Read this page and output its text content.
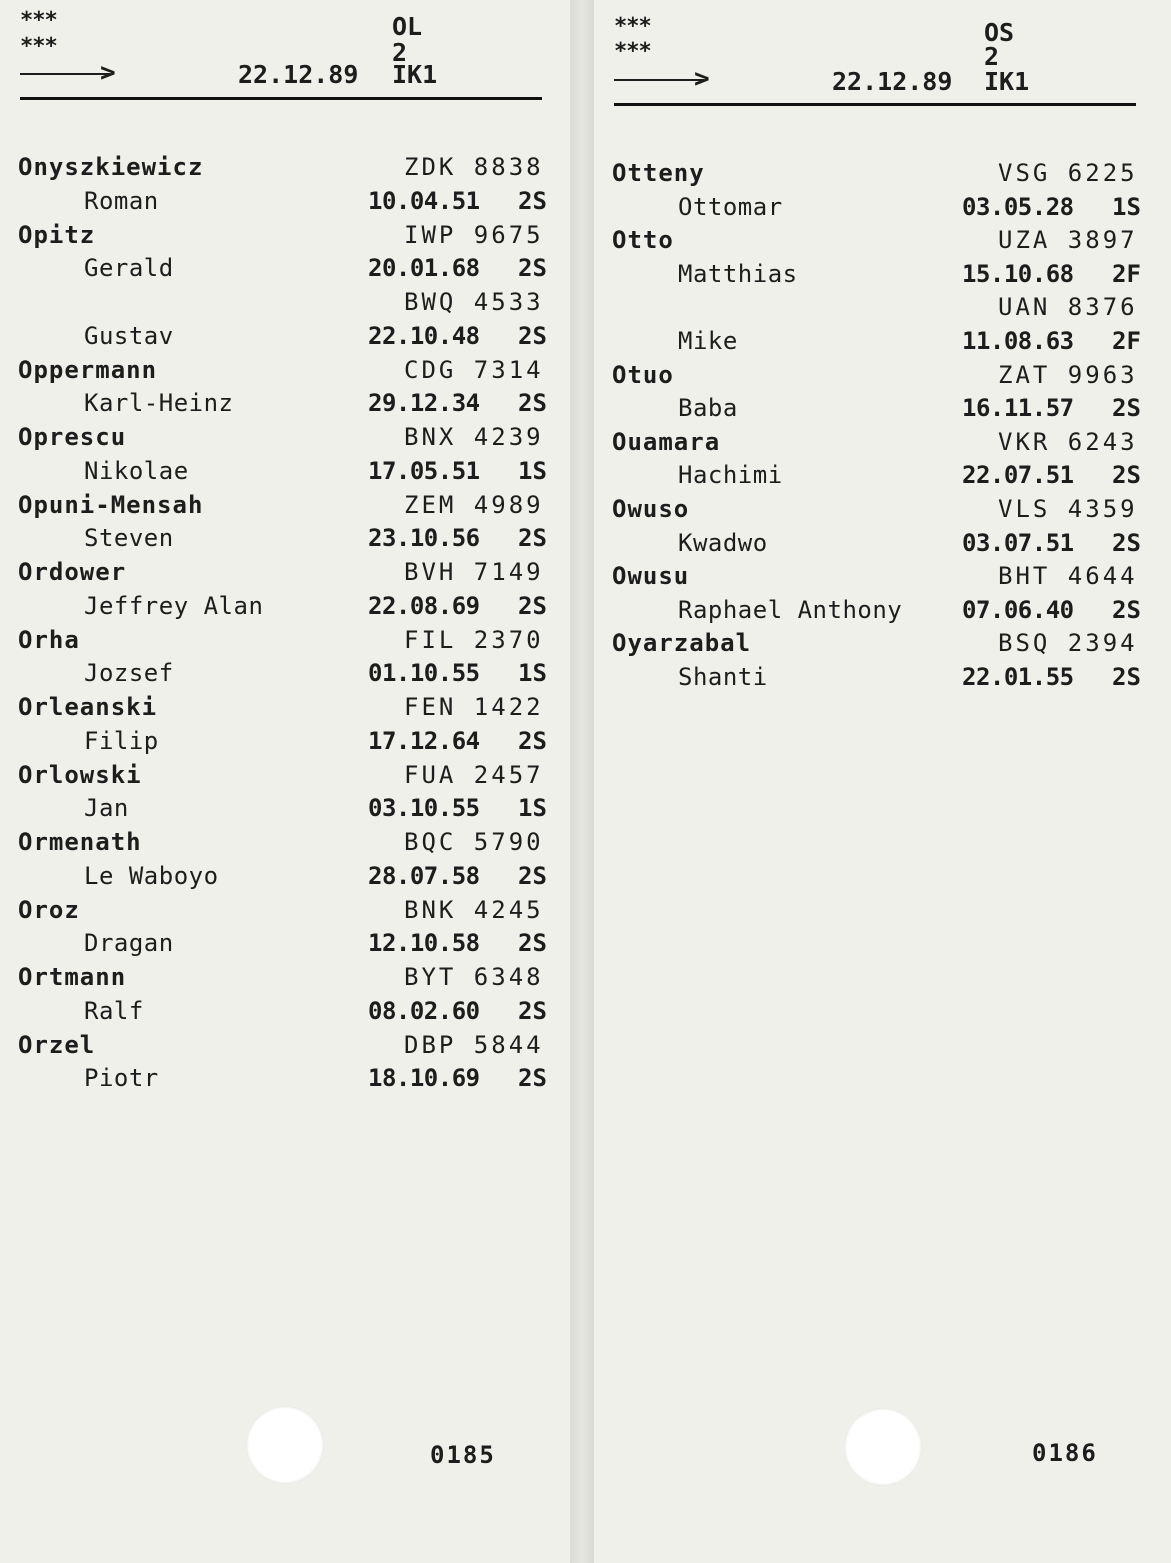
***
***
OL
2
>	22.12.89 IK1
Onyszkiewicz	ZDK 8838
Roman	10.04.51 2S
Opitz	IWP 9675
Gerald	20.01.68 2S
BWQ 4533
Gustav	22.10.48 2S
Oppermann	CDG 7314
Karl-Heinz	29.12.34 2S
Oprescu	BNX 4239
Nikolae	17.05.51 1S
Opuni-Mensah	ZEM 4989
Steven	23.10.56 2S
Ordower	BVH 7149
Jeffrey Alan	22.08.69 2S
Orha	FIL 2370
Jozsef	01.10.55 1S
Orleanski	FEN 1422
Filip	17.12.64 2S
Orlowski	FUA 2457
Jan	03.10.55 1S
Ormenath	BQC 5790
Le Waboyo	28.07.58 2S
Oroz	BNK 4245
Dragan	12.10.58 2S
Ortmann	BYT 6348
Ralf	08.02.60 2S
Orzel	DBP 5844
Piotr	18.10.69 2S
0185
***
***
OS
2
>	22.12.89 IK1
Otteny	VSG 6225
Ottomar	03.05.28 1S
Otto	UZA 3897
Matthias	15.10.68 2F
UAN 8376
Mike	11.08.63 2F
Otuo	ZAT 9963
Baba	16.11.57 2S
Ouamara	VKR 6243
Hachimi	22.07.51 2S
Owuso	VLS 4359
Kwadwo	03.07.51 2S
Owusu	BHT 4644
Raphael Anthony 07.06.40 2S
Oyarzabal	BSQ 2394
Shanti	22.01.55 2S
0186
